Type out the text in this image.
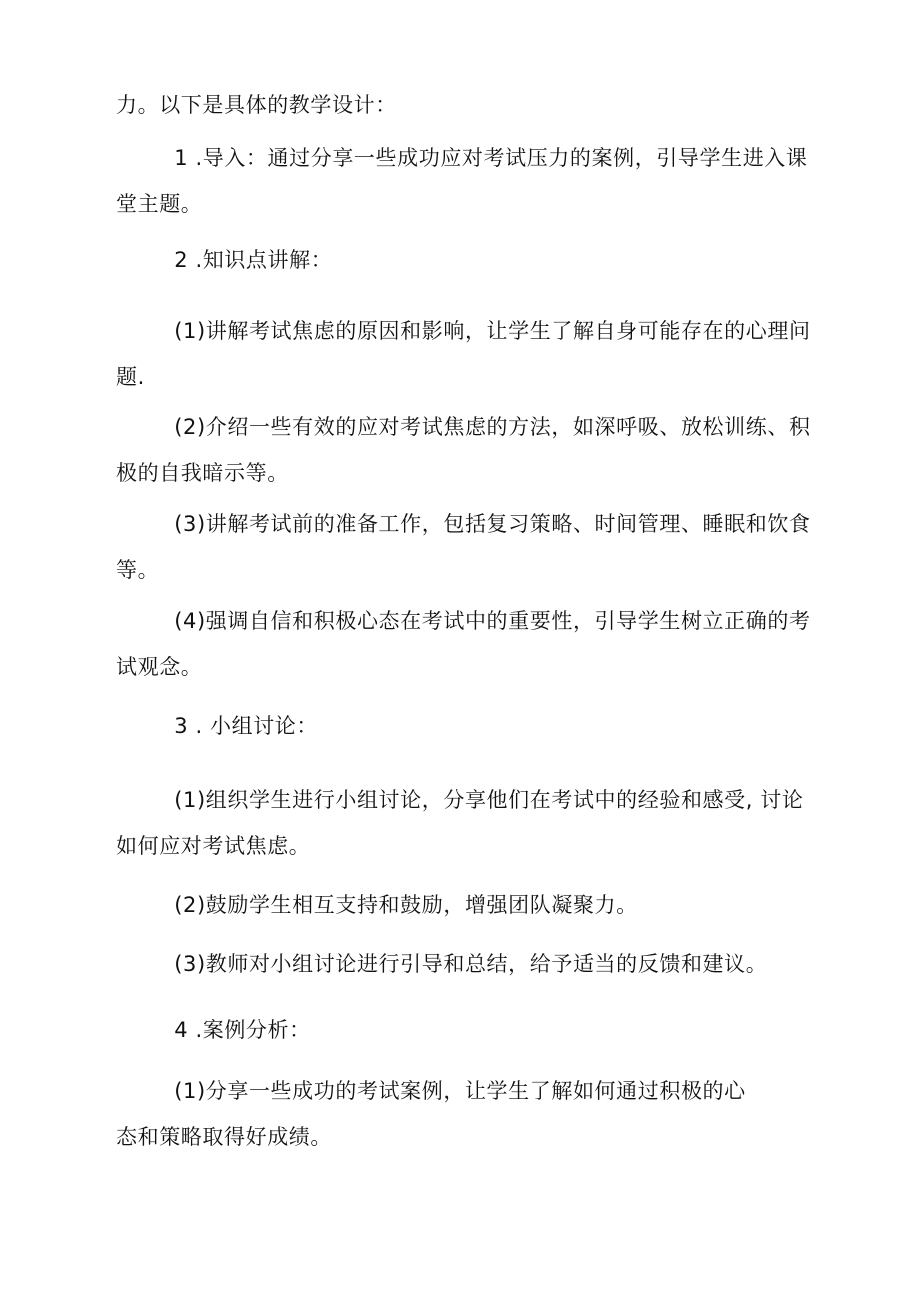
力。以下是具体的教学设计：

1 .导入：通过分享一些成功应对考试压力的案例，引导学生进入课
堂主题。

2 .知识点讲解：

(1)讲解考试焦虑的原因和影响，让学生了解自身可能存在的心理问
题.

(2)介绍一些有效的应对考试焦虑的方法，如深呼吸、放松训练、积
极的自我暗示等。

(3)讲解考试前的准备工作，包括复习策略、时间管理、睡眠和饮食
等。

(4)强调自信和积极心态在考试中的重要性，引导学生树立正确的考
试观念。

3 . 小组讨论：

(1)组织学生进行小组讨论，分享他们在考试中的经验和感受, 讨论
如何应对考试焦虑。

(2)鼓励学生相互支持和鼓励，增强团队凝聚力。

(3)教师对小组讨论进行引导和总结，给予适当的反馈和建议。

4 .案例分析：

(1)分享一些成功的考试案例，让学生了解如何通过积极的心

态和策略取得好成绩。
